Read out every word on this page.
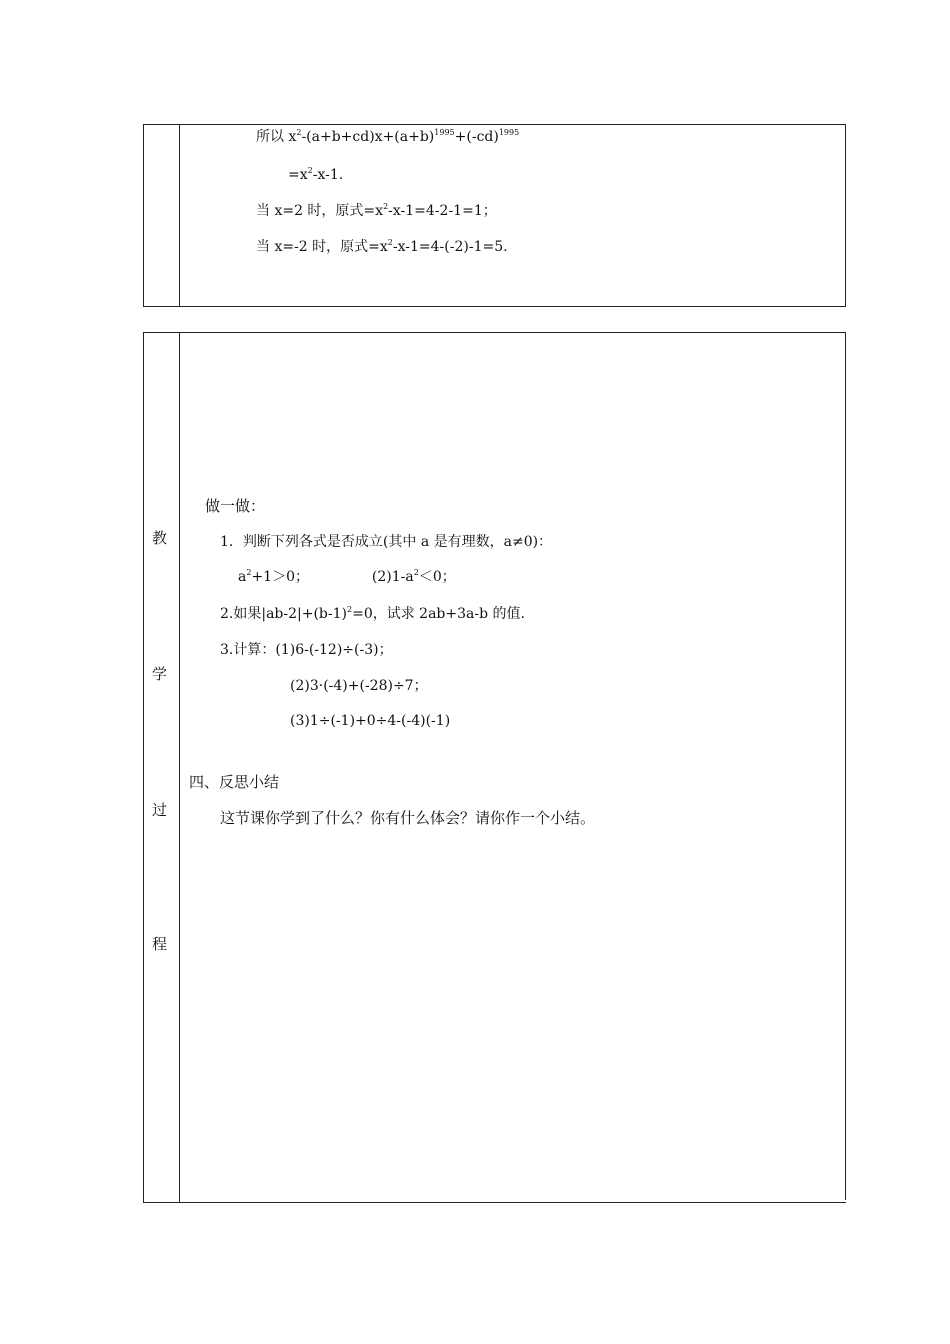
所以 $x^2-(a+b+cd)x+(a+b)^{1995}+(-cd)^{1995}$
$=x^2-x-1$.
当 x=2 时，原式$=x^2-x-1=4-2-1=1$；
当 x=-2 时，原式$=x^2-x-1=4-(-2)-1=5$.
教
学
过
程
做一做：
1．判断下列各式是否成立(其中 a 是有理数，a≠0)：
$a^2+1>0$；	$(2)1-a^2<0$；
2.如果$|ab-2|+(b-1)^2=0$，试求 2ab+3a-b 的值.
3.计算：(1)6-(-12)÷(-3)；
(2)3·(-4)+(-28)÷7；
(3)1÷(-1)+0÷4-(-4)(-1)
四、反思小结
这节课你学到了什么？你有什么体会？请你作一个小结。
